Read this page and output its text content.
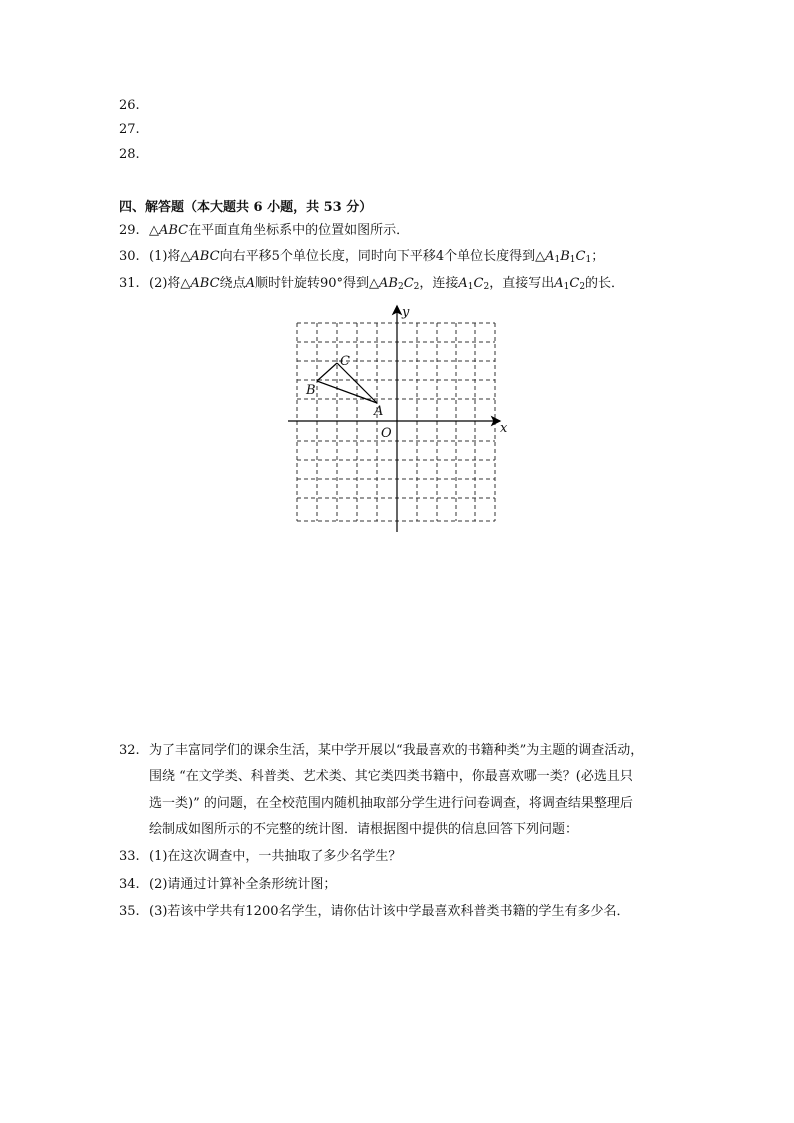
26.
27.
28.
四、解答题（本大题共 6 小题，共 53 分）
29. △ABC在平面直角坐标系中的位置如图所示．
30. (1)将△ABC向右平移5个单位长度，同时向下平移4个单位长度得到$\triangle A_1B_1C_1$；
31. (2)将△ABC绕点A顺时针旋转90°得到$\triangle AB_2C_2$，连接$A_1C_2$，直接写出$A_1C_2$的长．
x
y
O
A
B
C
32. 为了丰富同学们的课余生活，某中学开展以“我最喜欢的书籍种类”为主题的调查活动，
围绕 “在文学类、科普类、艺术类、其它类四类书籍中，你最喜欢哪一类？(必选且只
选一类)” 的问题，在全校范围内随机抽取部分学生进行问卷调查，将调查结果整理后
绘制成如图所示的不完整的统计图．请根据图中提供的信息回答下列问题：
33. (1)在这次调查中，一共抽取了多少名学生？
34. (2)请通过计算补全条形统计图；
35. (3)若该中学共有1200名学生，请你估计该中学最喜欢科普类书籍的学生有多少名．
